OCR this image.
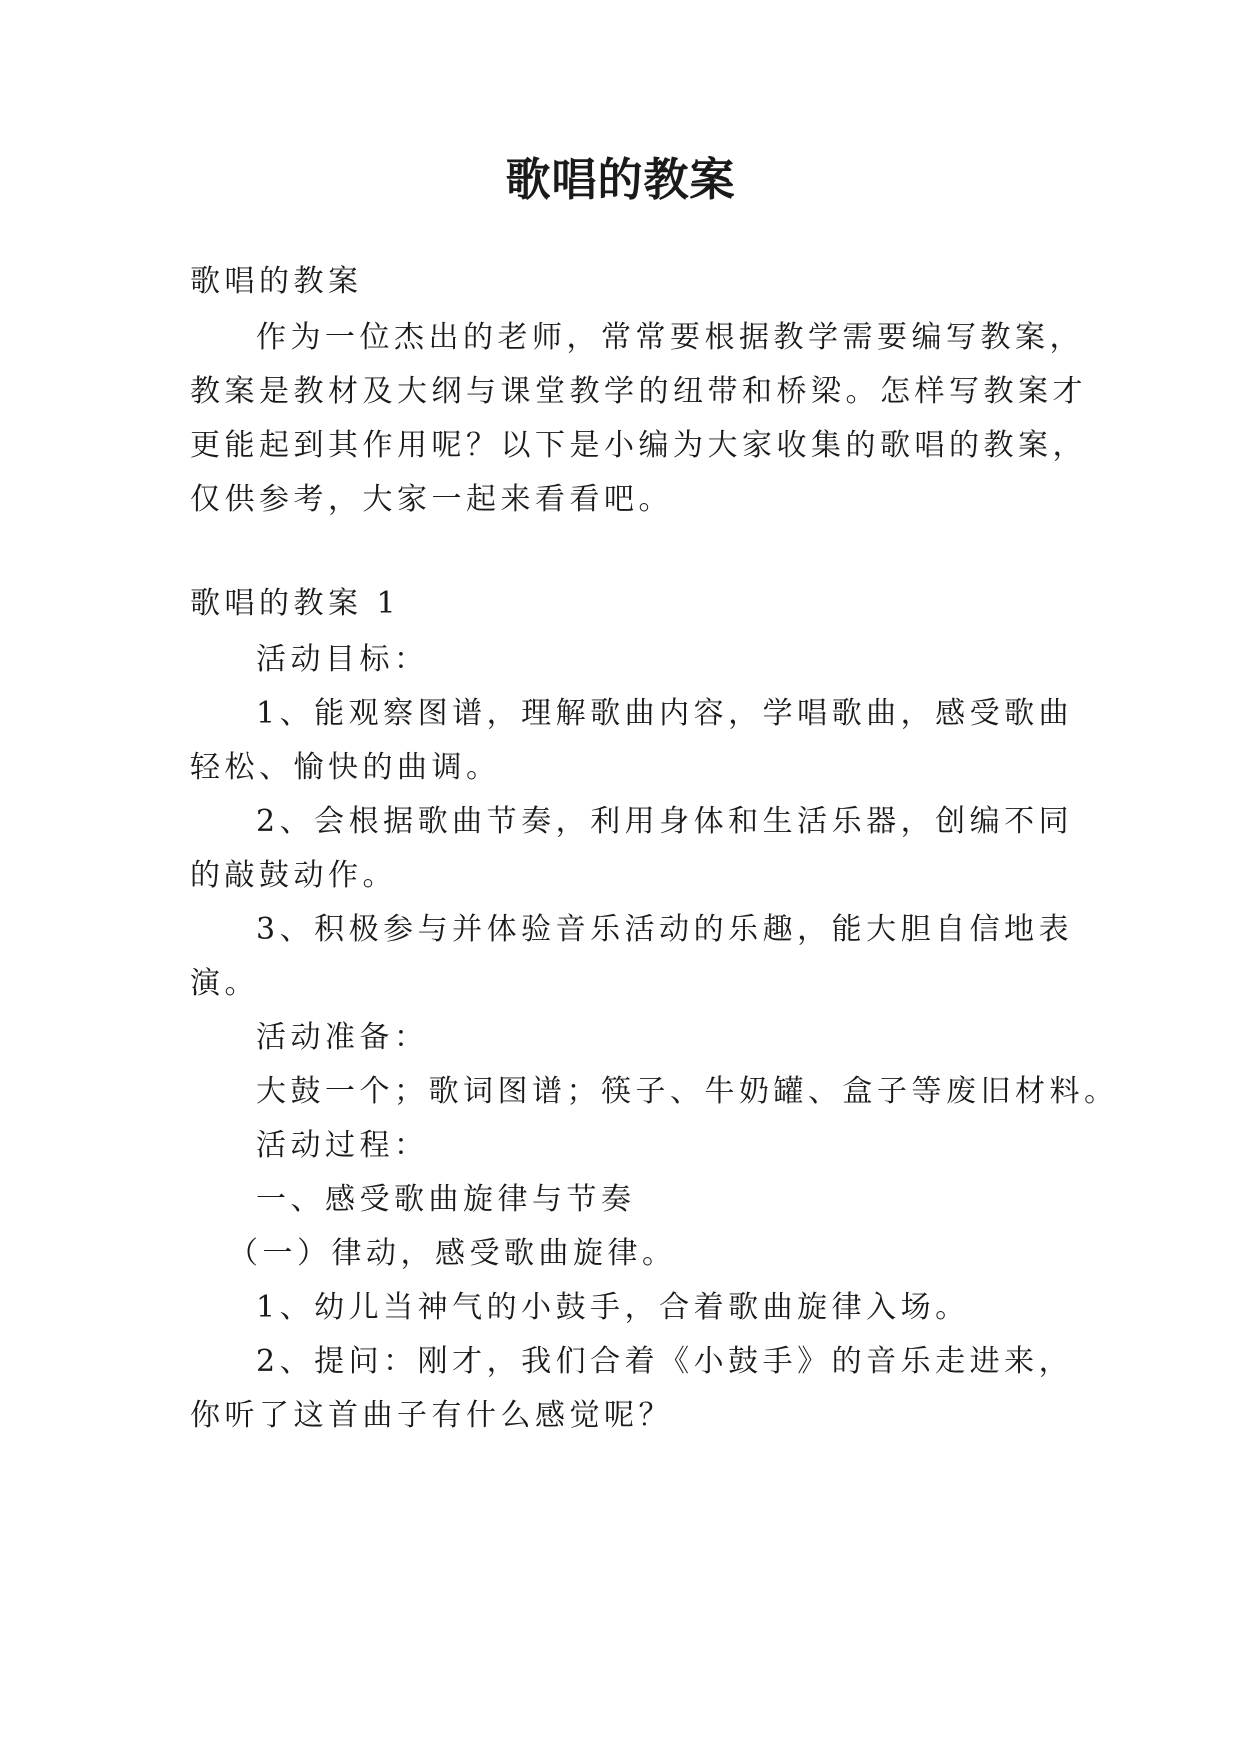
歌唱的教案
歌唱的教案
作为一位杰出的老师，常常要根据教学需要编写教案，
教案是教材及大纲与课堂教学的纽带和桥梁。怎样写教案才
更能起到其作用呢？以下是小编为大家收集的歌唱的教案，
仅供参考，大家一起来看看吧。
歌唱的教案 1
活动目标：
1、能观察图谱，理解歌曲内容，学唱歌曲，感受歌曲
轻松、愉快的曲调。
2、会根据歌曲节奏，利用身体和生活乐器，创编不同
的敲鼓动作。
3、积极参与并体验音乐活动的乐趣，能大胆自信地表
演。
活动准备：
大鼓一个；歌词图谱；筷子、牛奶罐、盒子等废旧材料。
活动过程：
一、感受歌曲旋律与节奏
（一）律动，感受歌曲旋律。
1、幼儿当神气的小鼓手，合着歌曲旋律入场。
2、提问：刚才，我们合着《小鼓手》的音乐走进来，
你听了这首曲子有什么感觉呢？
